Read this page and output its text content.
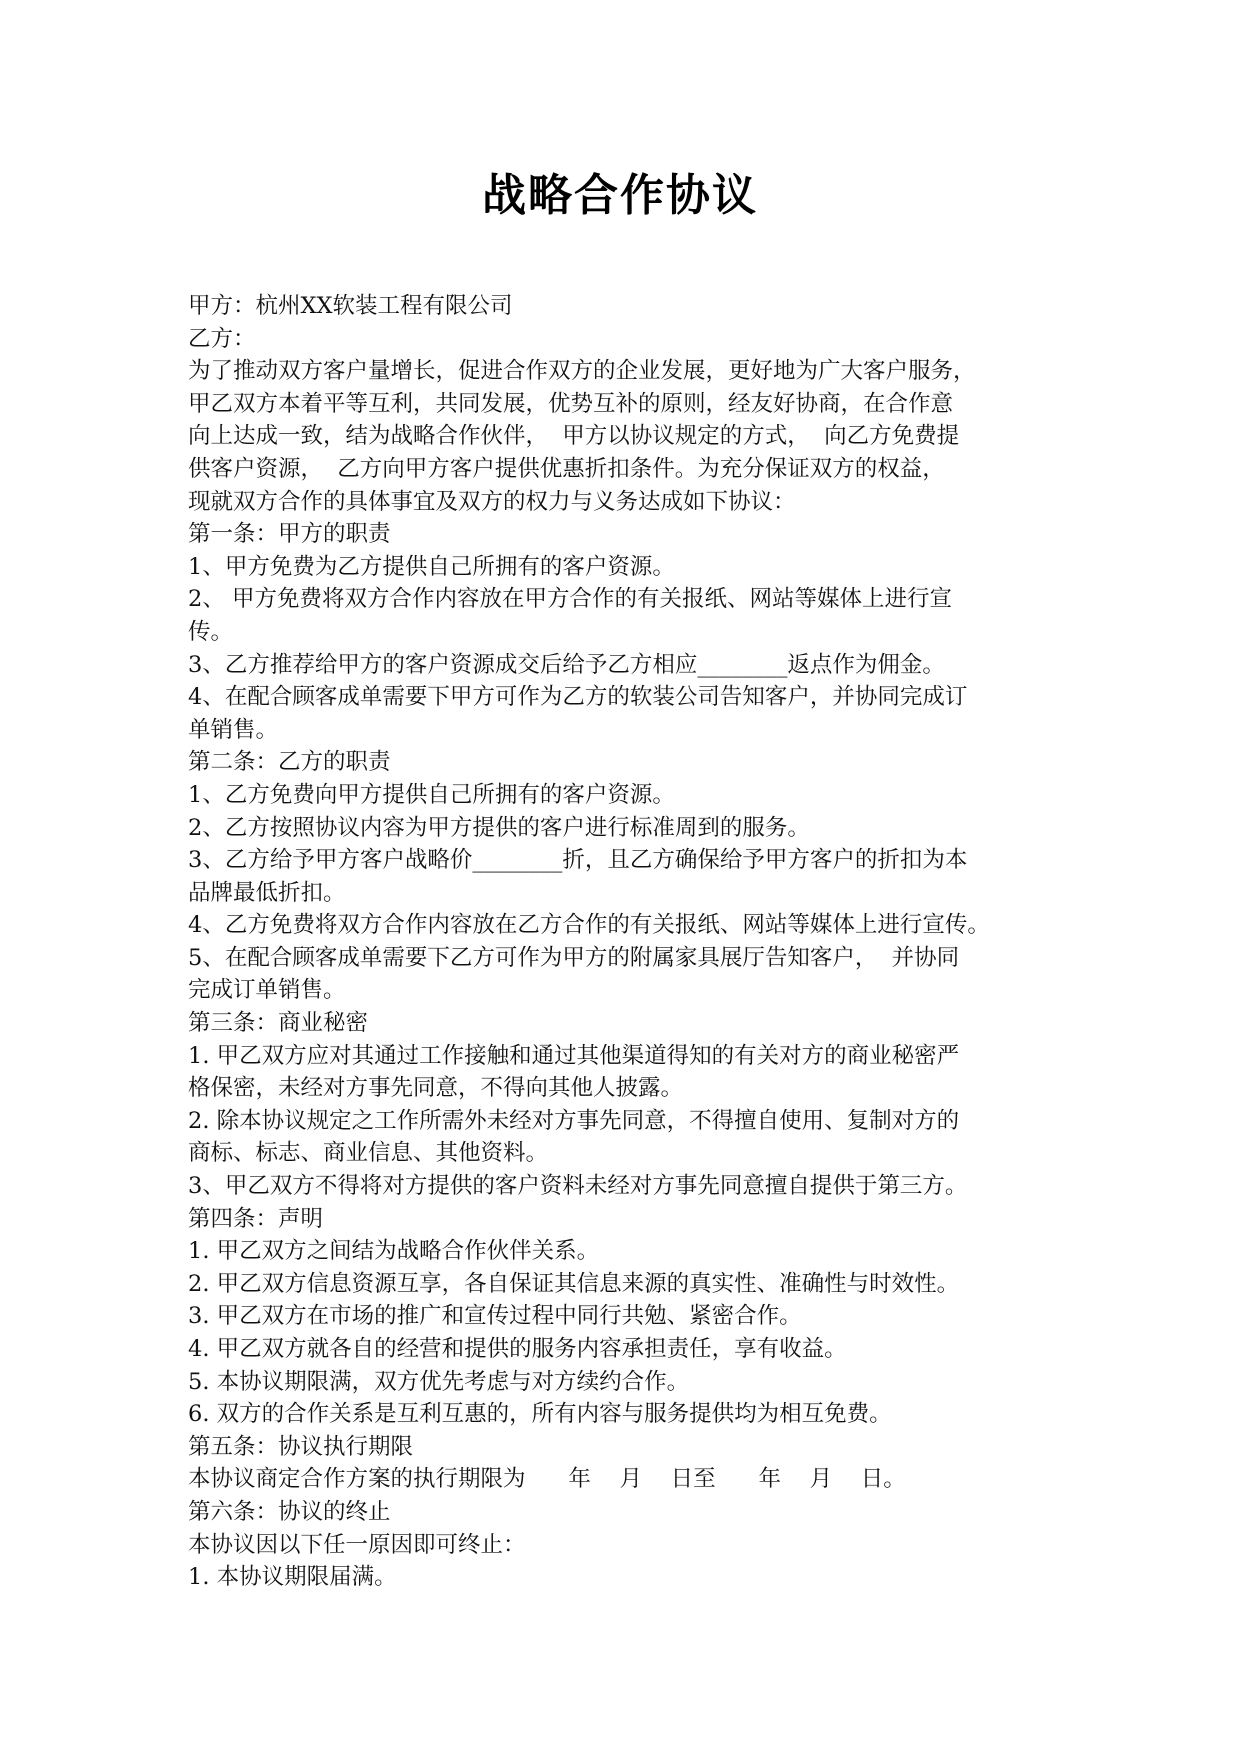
战略合作协议
甲方：杭州XX软装工程有限公司
乙方：
为了推动双方客户量增长，促进合作双方的企业发展，更好地为广大客户服务，
甲乙双方本着平等互利，共同发展，优势互补的原则，经友好协商，在合作意
向上达成一致，结为战略合作伙伴，  甲方以协议规定的方式，  向乙方免费提
供客户资源，  乙方向甲方客户提供优惠折扣条件。为充分保证双方的权益，
现就双方合作的具体事宜及双方的权力与义务达成如下协议：
第一条：甲方的职责
1、甲方免费为乙方提供自己所拥有的客户资源。
2、 甲方免费将双方合作内容放在甲方合作的有关报纸、网站等媒体上进行宣
传。
3、乙方推荐给甲方的客户资源成交后给予乙方相应________返点作为佣金。
4、在配合顾客成单需要下甲方可作为乙方的软装公司告知客户，并协同完成订
单销售。
第二条：乙方的职责
1、乙方免费向甲方提供自己所拥有的客户资源。
2、乙方按照协议内容为甲方提供的客户进行标准周到的服务。
3、乙方给予甲方客户战略价________折，且乙方确保给予甲方客户的折扣为本
品牌最低折扣。
4、乙方免费将双方合作内容放在乙方合作的有关报纸、网站等媒体上进行宣传。
5、在配合顾客成单需要下乙方可作为甲方的附属家具展厅告知客户，  并协同
完成订单销售。
第三条：商业秘密
1. 甲乙双方应对其通过工作接触和通过其他渠道得知的有关对方的商业秘密严
格保密，未经对方事先同意，不得向其他人披露。
2. 除本协议规定之工作所需外未经对方事先同意，不得擅自使用、复制对方的
商标、标志、商业信息、其他资料。
3、甲乙双方不得将对方提供的客户资料未经对方事先同意擅自提供于第三方。
第四条：声明
1. 甲乙双方之间结为战略合作伙伴关系。
2. 甲乙双方信息资源互享，各自保证其信息来源的真实性、准确性与时效性。
3. 甲乙双方在市场的推广和宣传过程中同行共勉、紧密合作。
4. 甲乙双方就各自的经营和提供的服务内容承担责任，享有收益。
5. 本协议期限满，双方优先考虑与对方续约合作。
6. 双方的合作关系是互利互惠的，所有内容与服务提供均为相互免费。
第五条：协议执行期限
本协议商定合作方案的执行期限为      年    月    日至      年    月    日。
第六条：协议的终止
本协议因以下任一原因即可终止：
1. 本协议期限届满。
